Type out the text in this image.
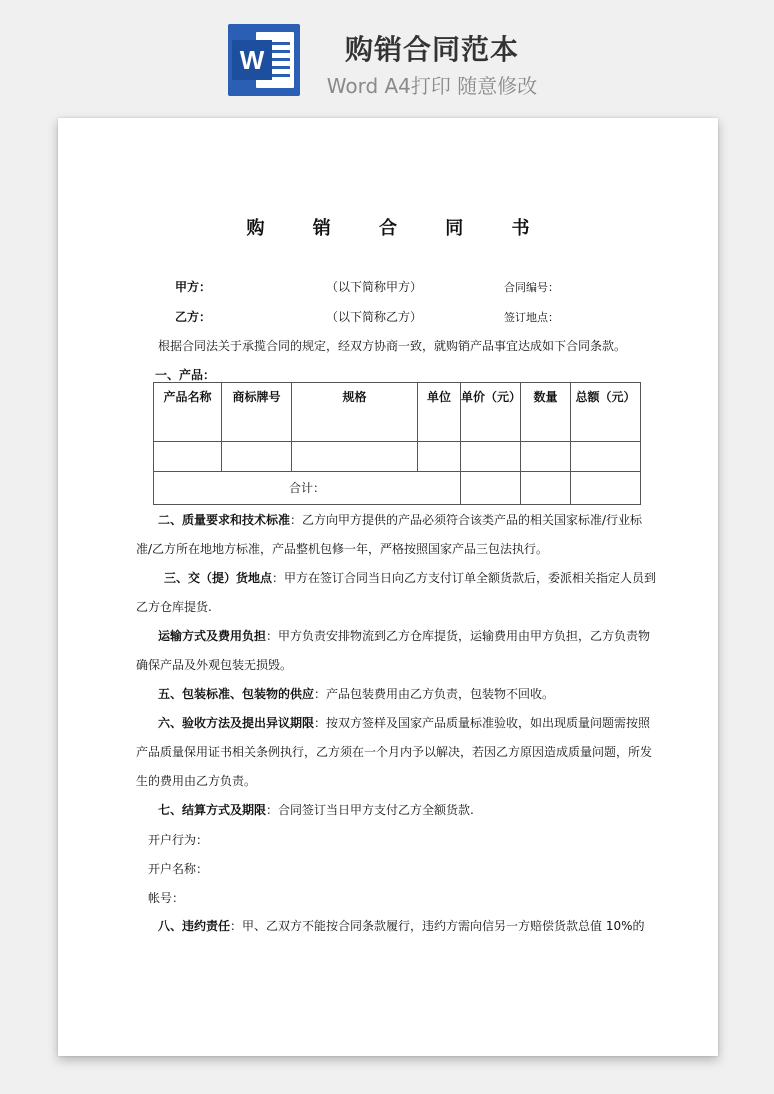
W	购销合同范本
Word A4打印 随意修改
购 销 合 同 书
甲方：	（以下简称甲方）	合同编号：
乙方：	（以下简称乙方）	签订地点：
根据合同法关于承揽合同的规定，经双方协商一致，就购销产品事宜达成如下合同条款。
一、产品：
产品名称	商标牌号	规格	单位	单价（元）	数量	总额（元）

合计：						

二、质量要求和技术标准：乙方向甲方提供的产品必须符合该类产品的相关国家标准/行业标准/乙方所在地地方标准，产品整机包修一年，严格按照国家产品三包法执行。

三、交（提）货地点：甲方在签订合同当日向乙方支付订单全额货款后，委派相关指定人员到乙方仓库提货.

运输方式及费用负担：甲方负责安排物流到乙方仓库提货，运输费用由甲方负担，乙方负责物确保产品及外观包装无损毁。

五、包装标准、包装物的供应：产品包装费用由乙方负责，包装物不回收。

六、验收方法及提出异议期限：按双方签样及国家产品质量标准验收，如出现质量问题需按照产品质量保用证书相关条例执行，乙方须在一个月内予以解决，若因乙方原因造成质量问题，所发生的费用由乙方负责。

七、结算方式及期限：合同签订当日甲方支付乙方全额货款.

开户行为：
开户名称：
帐号：

八、违约责任：甲、乙双方不能按合同条款履行，违约方需向信另一方赔偿货款总值 10%的
